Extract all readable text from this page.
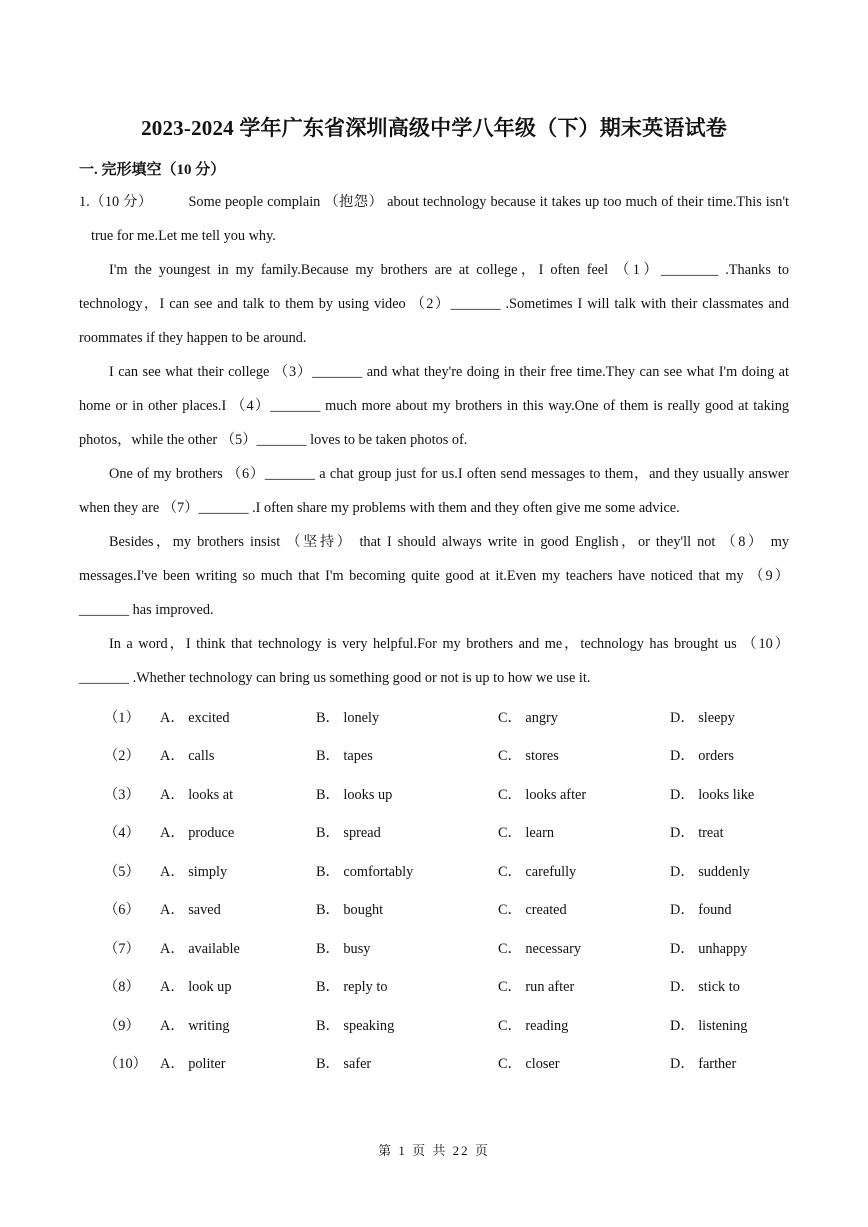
2023-2024 学年广东省深圳高级中学八年级（下）期末英语试卷
一. 完形填空（10 分）
1.（10 分）         Some people complain （抱怨） about technology because it takes up too much of their time.This isn't true for me.Let me tell you why.
I'm the youngest in my family.Because my brothers are at college，I often feel （1）________ .Thanks to technology，I can see and talk to them by using video （2）_______ .Sometimes I will talk with their classmates and roommates if they happen to be around.
I can see what their college （3）_______ and what they're doing in their free time.They can see what I'm doing at home or in other places.I （4）_______ much more about my brothers in this way.One of them is really good at taking photos，while the other （5）_______ loves to be taken photos of.
One of my brothers （6）_______ a chat group just for us.I often send messages to them，and they usually answer when they are （7）_______ .I often share my problems with them and they often give me some advice.
Besides，my brothers insist （坚持） that I should always write in good English，or they'll not （8） my messages.I've been writing so much that I'm becoming quite good at it.Even my teachers have noticed that my （9）_______ has improved.
In a word，I think that technology is very helpful.For my brothers and me，technology has brought us （10）_______ .Whether technology can bring us something good or not is up to how we use it.
（1） A． excited	B． lonely	C． angry	D． sleepy
（2） A． calls	B． tapes	C． stores	D． orders
（3） A． looks at	B． looks up	C． looks after	D． looks like
（4） A． produce	B． spread	C． learn	D． treat
（5） A． simply	B． comfortably	C． carefully	D． suddenly
（6） A． saved	B． bought	C． created	D． found
（7） A． available	B． busy	C． necessary	D． unhappy
（8） A． look up	B． reply to	C． run after	D． stick to
（9） A． writing	B． speaking	C． reading	D． listening
（10） A． politer	B． safer	C． closer	D． farther
第 1 页 共 22 页
